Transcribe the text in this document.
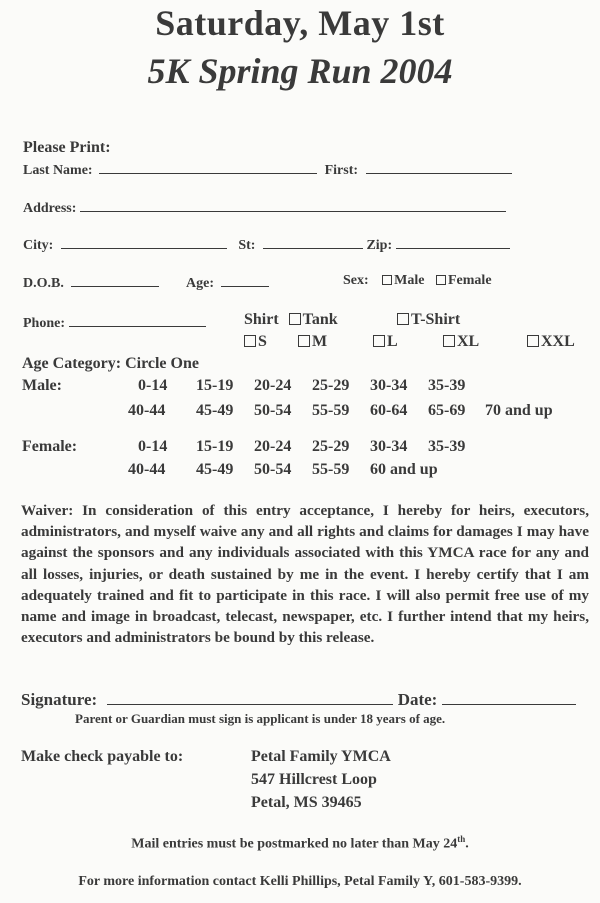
Saturday, May 1st
5K Spring Run 2004
Please Print:
Last Name:	First:
Address:
City:	St:	Zip:
D.O.B.	Age:	Sex: Male Female
Phone:	Shirt Tank	T-Shirt
S	M	L	XL	XXL
Age Category: Circle One
Male:	0-14 15-19 20-24 25-29 30-34 35-39
40-44 45-49 50-54 55-59 60-64 65-69 70 and up
Female:	0-14 15-19 20-24 25-29 30-34 35-39
40-44 45-49 50-54 55-59 60 and up
Waiver: In consideration of this entry acceptance, I hereby for heirs, executors, administrators, and myself waive any and all rights and claims for damages I may have against the sponsors and any individuals associated with this YMCA race for any and all losses, injuries, or death sustained by me in the event. I hereby certify that I am adequately trained and fit to participate in this race. I will also permit free use of my name and image in broadcast, telecast, newspaper, etc. I further intend that my heirs, executors and administrators be bound by this release.
Signature:	Date:
Parent or Guardian must sign is applicant is under 18 years of age.
Make check payable to:	Petal Family YMCA
547 Hillcrest Loop
Petal, MS 39465
Mail entries must be postmarked no later than May 24th.
For more information contact Kelli Phillips, Petal Family Y, 601-583-9399.
